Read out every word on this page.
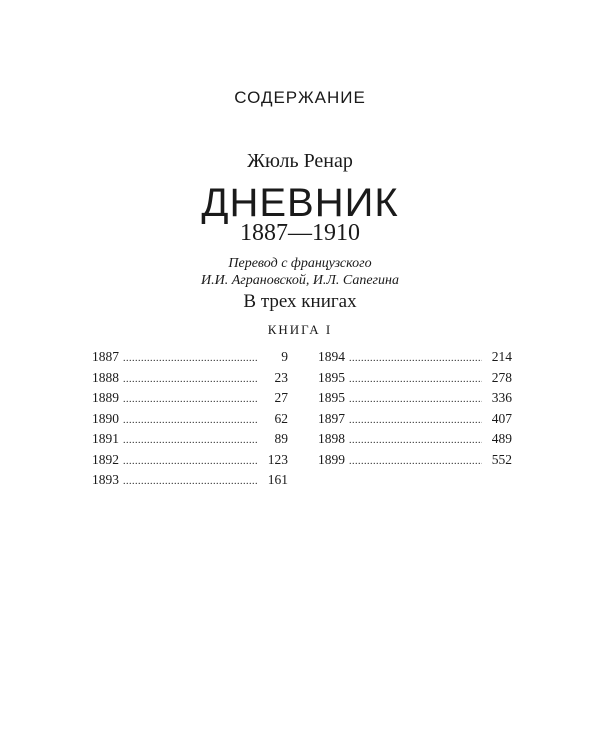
СОДЕРЖАНИЕ
Жюль Ренар
ДНЕВНИК
1887—1910
Перевод с французского
И.И. Аграновской, И.Л. Сапегина
В трех книгах
КНИГА I
1887 .....	9
1888 .....	23
1889 .....	27
1890 .....	62
1891 .....	89
1892 .....	123
1893 .....	161
1894 .....	214
1895 .....	278
1895 .....	336
1897 .....	407
1898 .....	489
1899 .....	552
